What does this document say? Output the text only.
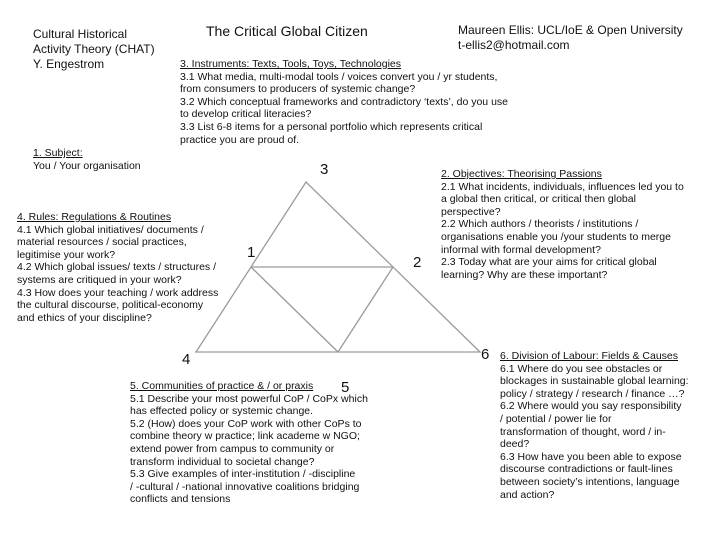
The Critical Global Citizen
Cultural Historical
Activity Theory (CHAT)
Y. Engestrom
Maureen Ellis: UCL/IoE & Open University
t-ellis2@hotmail.com
1. Subject:
You / Your organisation
3. Instruments: Texts, Tools, Toys, Technologies
3.1 What media, multi-modal tools / voices convert you / yr students,
from consumers to producers of systemic change?
3.2 Which conceptual frameworks and contradictory ‘texts’, do you use
to develop critical literacies?
3.3 List 6-8 items for a personal portfolio which represents critical
practice you are proud of.
2. Objectives: Theorising Passions
2.1 What incidents, individuals, influences led you to
a global then critical, or critical then global
perspective?
2.2 Which authors / theorists / institutions /
organisations enable you /your students to merge
informal with formal development?
2.3 Today what are your aims for critical global
learning? Why are these important?
4. Rules: Regulations & Routines
4.1 Which global initiatives/ documents /
material resources / social practices,
legitimise your work?
4.2 Which global issues/ texts / structures /
systems are critiqued in your work?
4.3 How does your teaching / work address
the cultural discourse, political-economy
and ethics of your discipline?
5. Communities of practice & / or praxis
5.1 Describe your most powerful CoP / CoPx which
has effected policy or systemic change.
5.2 (How) does your CoP work with other CoPs to
combine theory w practice; link academe w NGO;
extend power from campus to community or
transform individual to societal change?
5.3 Give examples of inter-institution / -discipline
/ -cultural / -national innovative coalitions bridging
conflicts and tensions
6. Division of Labour: Fields & Causes
6.1 Where do you see obstacles or
blockages in sustainable global learning:
policy / strategy / research / finance …?
6.2 Where would you say responsibility
/ potential / power lie for
transformation of thought, word / in-
deed?
6.3 How have you been able to expose
discourse contradictions or fault-lines
between society’s intentions, language
and action?
3
1
2
4
5
6
